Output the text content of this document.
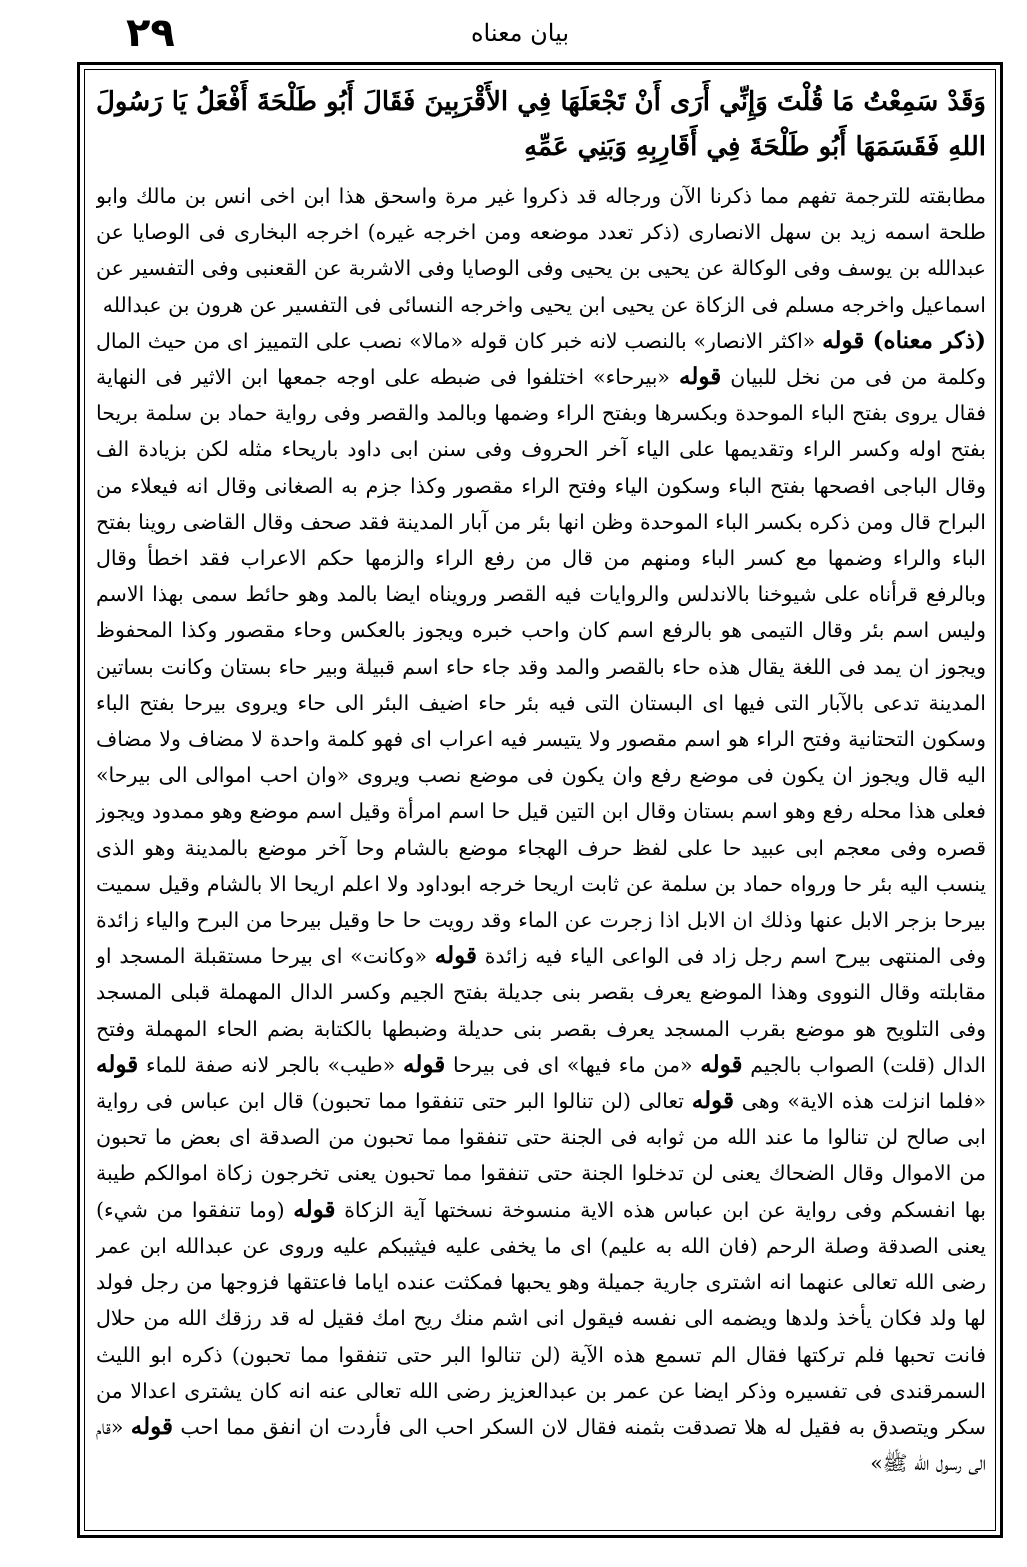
٢٩	بيان معناه

وَقَدْ سَمِعْتُ مَا قُلْتَ وَإِنِّي أَرَى أَنْ تَجْعَلَهَا فِي الأَقْرَبِينَ فَقَالَ أَبُو طَلْحَةَ أَفْعَلُ يَا رَسُولَ اللهِ فَقَسَمَهَا أَبُو طَلْحَةَ فِي أَقَارِبِهِ وَبَنِي عَمِّهِ

مطابقته للترجمة تفهم مما ذكرنا الآن ورجاله قد ذكروا غير مرة واسحق هذا ابن اخى انس بن مالك وابو طلحة اسمه زيد بن سهل الانصارى (ذكر تعدد موضعه ومن اخرجه غيره) اخرجه البخارى فى الوصايا عن عبدالله بن يوسف وفى الوكالة عن يحيى بن يحيى وفى الوصايا وفى الاشربة عن القعنبى وفى التفسير عن اسماعيل واخرجه مسلم فى الزكاة عن يحيى ابن يحيى واخرجه النسائى فى التفسير عن هرون بن عبدالله

(ذكر معناه) قوله «اكثر الانصار» بالنصب لانه خبر كان قوله «مالا» نصب على التمييز اى من حيث المال وكلمة من فى من نخل للبيان قوله «بيرحاء» اختلفوا فى ضبطه على اوجه جمعها ابن الاثير فى النهاية فقال يروى بفتح الباء الموحدة وبكسرها وبفتح الراء وضمها وبالمد والقصر وفى رواية حماد بن سلمة بريحا بفتح اوله وكسر الراء وتقديمها على الياء آخر الحروف وفى سنن ابى داود باريحاء مثله لكن بزيادة الف وقال الباجى افصحها بفتح الباء وسكون الياء وفتح الراء مقصور وكذا جزم به الصغانى وقال انه فيعلاء من البراح قال ومن ذكره بكسر الباء الموحدة وظن انها بئر من آبار المدينة فقد صحف وقال القاضى روينا بفتح الباء والراء وضمها مع كسر الباء ومنهم من قال من رفع الراء والزمها حكم الاعراب فقد اخطأ وقال وبالرفع قرأناه على شيوخنا بالاندلس والروايات فيه القصر ورويناه ايضا بالمد وهو حائط سمى بهذا الاسم وليس اسم بئر وقال التيمى هو بالرفع اسم كان واحب خبره ويجوز بالعكس وحاء مقصور وكذا المحفوظ ويجوز ان يمد فى اللغة يقال هذه حاء بالقصر والمد وقد جاء حاء اسم قبيلة وبير حاء بستان وكانت بساتين المدينة تدعى بالآبار التى فيها اى البستان التى فيه بئر حاء اضيف البئر الى حاء ويروى بيرحا بفتح الباء وسكون التحتانية وفتح الراء هو اسم مقصور ولا يتيسر فيه اعراب اى فهو كلمة واحدة لا مضاف ولا مضاف اليه قال ويجوز ان يكون فى موضع رفع وان يكون فى موضع نصب ويروى «وان احب اموالى الى بيرحا» فعلى هذا محله رفع وهو اسم بستان وقال ابن التين قيل حا اسم امرأة وقيل اسم موضع وهو ممدود ويجوز قصره وفى معجم ابى عبيد حا على لفظ حرف الهجاء موضع بالشام وحا آخر موضع بالمدينة وهو الذى ينسب اليه بئر حا ورواه حماد بن سلمة عن ثابت اريحا خرجه ابوداود ولا اعلم اريحا الا بالشام وقيل سميت بيرحا بزجر الابل عنها وذلك ان الابل اذا زجرت عن الماء وقد رويت حا حا وقيل بيرحا من البرح والياء زائدة وفى المنتهى بيرح اسم رجل زاد فى الواعى الياء فيه زائدة قوله «وكانت» اى بيرحا مستقبلة المسجد او مقابلته وقال النووى وهذا الموضع يعرف بقصر بنى جديلة بفتح الجيم وكسر الدال المهملة قبلى المسجد وفى التلويح هو موضع بقرب المسجد يعرف بقصر بنى حديلة وضبطها بالكتابة بضم الحاء المهملة وفتح الدال (قلت) الصواب بالجيم قوله «من ماء فيها» اى فى بيرحا قوله «طيب» بالجر لانه صفة للماء قوله «فلما انزلت هذه الاية» وهى قوله تعالى (لن تنالوا البر حتى تنفقوا مما تحبون) قال ابن عباس فى رواية ابى صالح لن تنالوا ما عند الله من ثوابه فى الجنة حتى تنفقوا مما تحبون من الصدقة اى بعض ما تحبون من الاموال وقال الضحاك يعنى لن تدخلوا الجنة حتى تنفقوا مما تحبون يعنى تخرجون زكاة اموالكم طيبة بها انفسكم وفى رواية عن ابن عباس هذه الاية منسوخة نسختها آية الزكاة قوله (وما تنفقوا من شيء) يعنى الصدقة وصلة الرحم (فان الله به عليم) اى ما يخفى عليه فيثيبكم عليه وروى عن عبدالله ابن عمر رضى الله تعالى عنهما انه اشترى جارية جميلة وهو يحبها فمكثت عنده اياما فاعتقها فزوجها من رجل فولد لها ولد فكان يأخذ ولدها ويضمه الى نفسه فيقول انى اشم منك ريح امك فقيل له قد رزقك الله من حلال فانت تحبها فلم تركتها فقال الم تسمع هذه الآية (لن تنالوا البر حتى تنفقوا مما تحبون) ذكره ابو الليث السمرقندى فى تفسيره وذكر ايضا عن عمر بن عبدالعزيز رضى الله تعالى عنه انه كان يشترى اعدالا من سكر ويتصدق به فقيل له هلا تصدقت بثمنه فقال لان السكر احب الى فأردت ان انفق مما احب قوله «قام الى رسول الله ﷺ»
